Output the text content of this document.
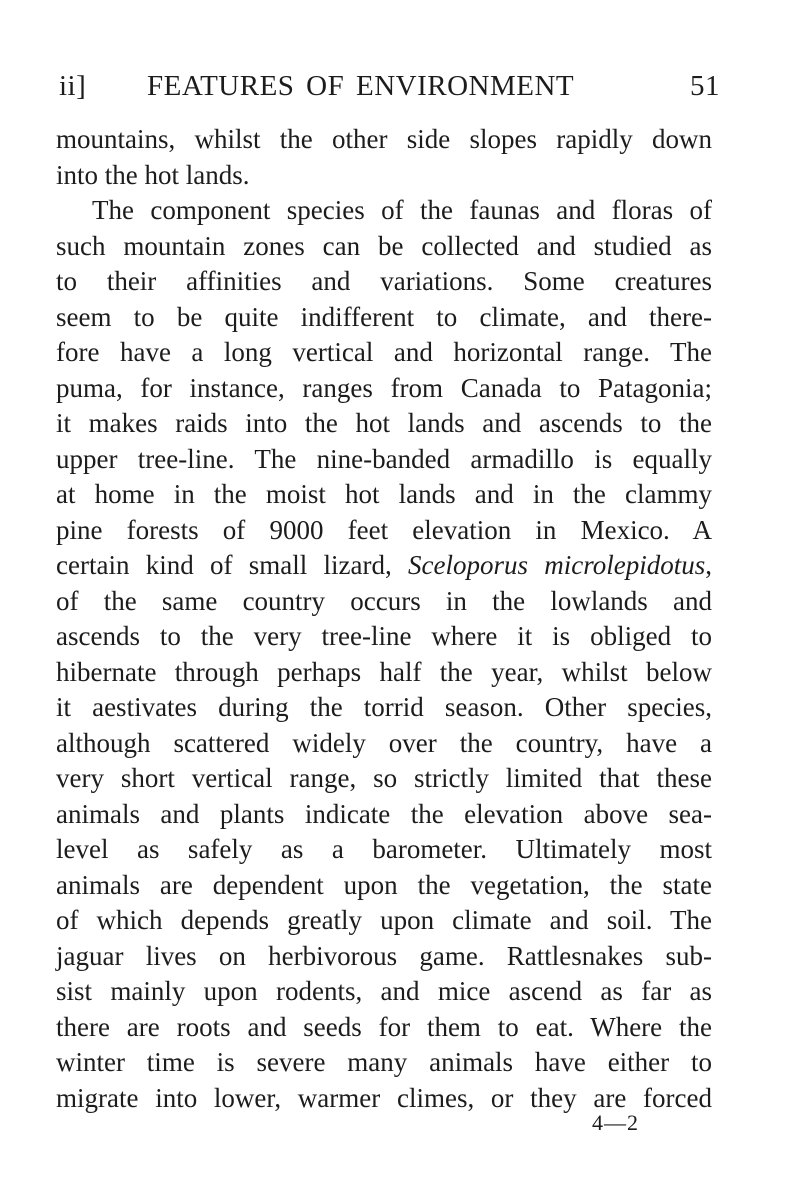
ii] FEATURES OF ENVIRONMENT	51
mountains, whilst the other side slopes rapidly down
into the hot lands.
The component species of the faunas and floras of
such mountain zones can be collected and studied as
to their affinities and variations. Some creatures
seem to be quite indifferent to climate, and there-
fore have a long vertical and horizontal range. The
puma, for instance, ranges from Canada to Patagonia;
it makes raids into the hot lands and ascends to the
upper tree-line. The nine-banded armadillo is equally
at home in the moist hot lands and in the clammy
pine forests of 9000 feet elevation in Mexico. A
certain kind of small lizard, Sceloporus microlepidotus,
of the same country occurs in the lowlands and
ascends to the very tree-line where it is obliged to
hibernate through perhaps half the year, whilst below
it aestivates during the torrid season. Other species,
although scattered widely over the country, have a
very short vertical range, so strictly limited that these
animals and plants indicate the elevation above sea-
level as safely as a barometer. Ultimately most
animals are dependent upon the vegetation, the state
of which depends greatly upon climate and soil. The
jaguar lives on herbivorous game. Rattlesnakes sub-
sist mainly upon rodents, and mice ascend as far as
there are roots and seeds for them to eat. Where the
winter time is severe many animals have either to
migrate into lower, warmer climes, or they are forced
4—2
